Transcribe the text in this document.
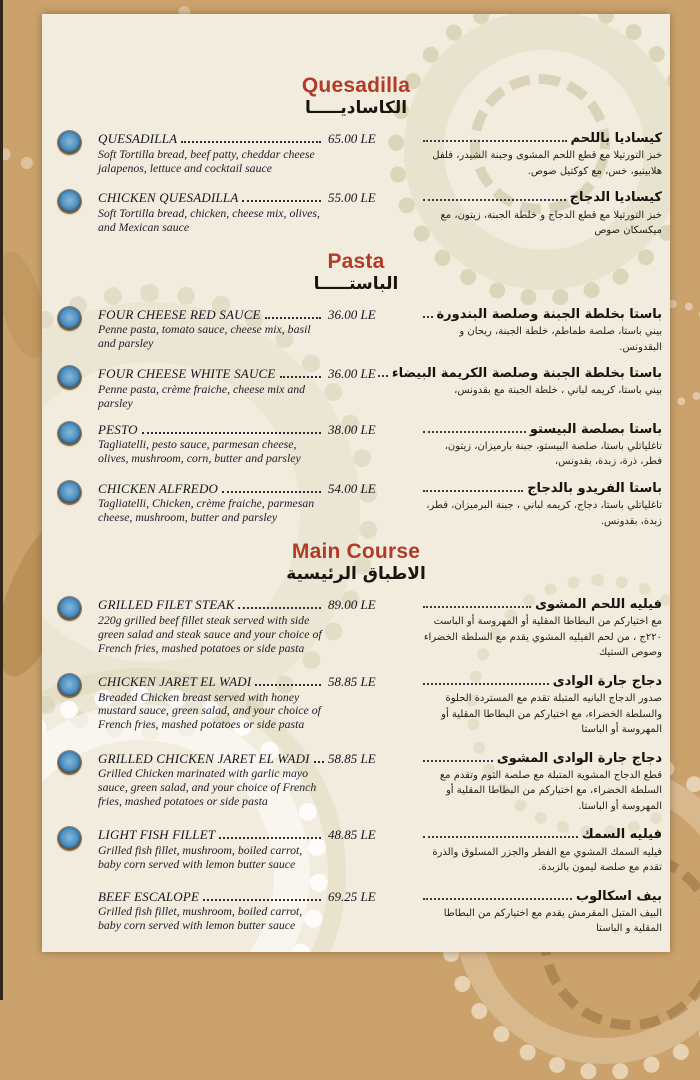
Quesadilla
الكاساديـــــا
QUESADILLA
Soft Tortilla bread, beef patty, cheddar cheese jalapenos, lettuce and cocktail sauce
65.00 LE	كيساديا باللحم
خبز التورتيلا مع قطع اللحم المشوى وجبنة الشيدر، فلفل هلابينيو، خس، مع كوكتيل صوص.
CHICKEN QUESADILLA
Soft Tortilla bread, chicken, cheese mix, olives, and Mexican sauce
55.00 LE	كيساديا الدجاج
خبز التورتيلا مع قطع الدجاج و خلطة الجبنة، زيتون، مع ميكسكان صوص
Pasta
الباستـــــا
FOUR CHEESE RED SAUCE
Penne pasta, tomato sauce, cheese mix, basil and parsley
36.00 LE	باستا بخلطة الجبنة وصلصة البندورة
بيني باستا، صلصة طماطم، خلطة الجبنة، ريحان و البقدونس.
FOUR CHEESE WHITE SAUCE
Penne pasta, crème fraiche, cheese mix and parsley
36.00 LE	باستا بخلطة الجبنة وصلصة الكريمة البيضاء
بيني باستا، كريمه لباني ، خلطة الجبنة مع بقدونس،
PESTO
Tagliatelli, pesto sauce, parmesan cheese, olives, mushroom, corn, butter and parsley
38.00 LE	باستا بصلصة البيستو
تاغلياتلي باستا، صلصة البيستو، جبنة بارميزان، زيتون، فطر، ذرة، زبدة، بقدونس،
CHICKEN ALFREDO
Tagliatelli, Chicken, crème fraiche, parmesan cheese, mushroom, butter and parsley
54.00 LE	باستا الفريدو بالدجاج
تاغلياتلي باستا، دجاج، كريمه لباني ، جبنة البرميزان، فطر، زبدة، بقدونس.
Main Course
الاطباق الرئيسية
GRILLED FILET STEAK
220g grilled beef fillet steak served with side green salad and steak sauce and your choice of French fries, mashed potatoes or side pasta
89.00 LE	فيليه اللحم المشوى
مع اختياركم من البطاطا المقلية أو المهروسة أو الباست ٢٢٠ج ، من لحم الفيليه المشوي يقدم مع السلطة الخضراء وصوص الستيك
CHICKEN JARET EL WADI
Breaded Chicken breast served with honey mustard sauce, green salad, and your choice of French fries, mashed potatoes or side pasta
58.85 LE	دجاج جارة الوادى
صدور الدجاج البانيه المتبلة تقدم مع المستردة الحلوة والسلطة الخضراء، مع اختياركم من البطاطا المقلية أو المهروسة أو الباستا
GRILLED CHICKEN JARET EL WADI
Grilled Chicken marinated with garlic mayo sauce, green salad, and your choice of French fries, mashed potatoes or side pasta
58.85 LE	دجاج جارة الوادى المشوى
قطع الدجاج المشوية المتبلة مع صلصة الثوم وتقدم مع السلطة الخضراء، مع اختياركم من البطاطا المقلية أو المهروسة أو الباستا.
LIGHT FISH FILLET
Grilled fish fillet, mushroom, boiled carrot, baby corn served with lemon butter sauce
48.85 LE	فيليه السمك
فيليه السمك المشوي مع الفطر والجزر المسلوق والذرة تقدم مع صلصة ليمون بالزبدة.
BEEF ESCALOPE
Grilled fish fillet, mushroom, boiled carrot, baby corn served with lemon butter sauce
69.25 LE	بيف اسكالوب
البيف المتبل المقرمش يقدم مع اختياركم من البطاطا المقلية و الباستا
